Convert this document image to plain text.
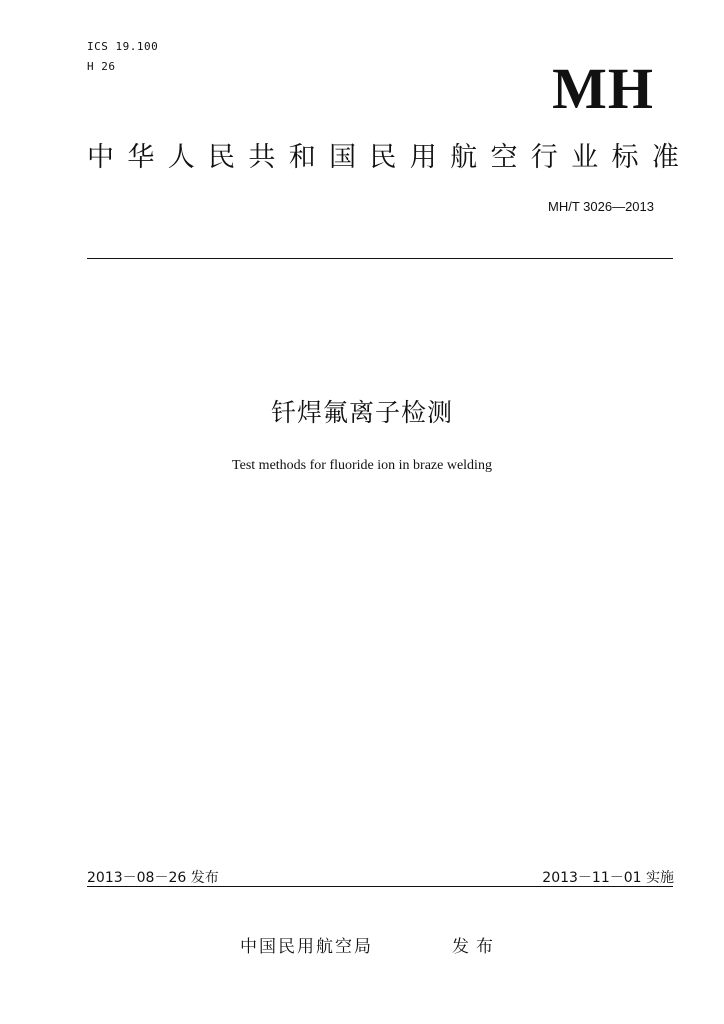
ICS 19.100
H 26	MH
中 华 人 民 共 和 国 民 用 航 空 行 业 标 准
MH/T 3026—2013
钎焊氟离子检测
Test methods for fluoride ion in braze welding
2013－08－26 发布	2013－11－01 实施
中国民用航空局	发布
